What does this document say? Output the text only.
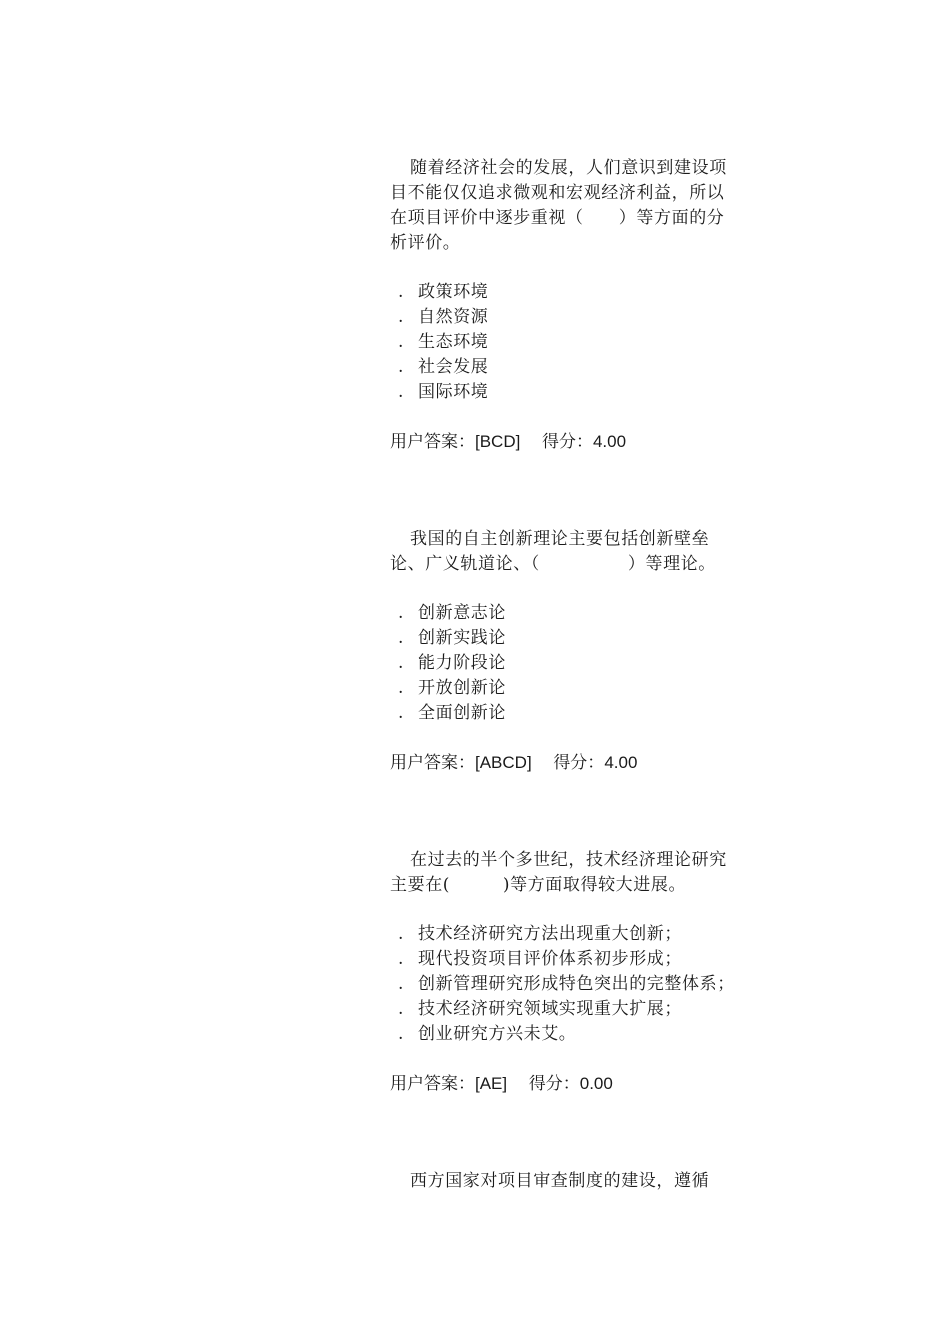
随着经济社会的发展，人们意识到建设项目不能仅仅追求微观和宏观经济利益，所以在项目评价中逐步重视（　　）等方面的分析评价。

. 政策环境
. 自然资源
. 生态环境
. 社会发展
. 国际环境
用户答案：[BCD] 得分：4.00

我国的自主创新理论主要包括创新壁垒论、广义轨道论、（　　　　　）等理论。

. 创新意志论
. 创新实践论
. 能力阶段论
. 开放创新论
. 全面创新论
用户答案：[ABCD] 得分：4.00

在过去的半个多世纪，技术经济理论研究主要在(　　　)等方面取得较大进展。

. 技术经济研究方法出现重大创新；
. 现代投资项目评价体系初步形成；
. 创新管理研究形成特色突出的完整体系；
. 技术经济研究领域实现重大扩展；
. 创业研究方兴未艾。
用户答案：[AE] 得分：0.00

西方国家对项目审查制度的建设，遵循
